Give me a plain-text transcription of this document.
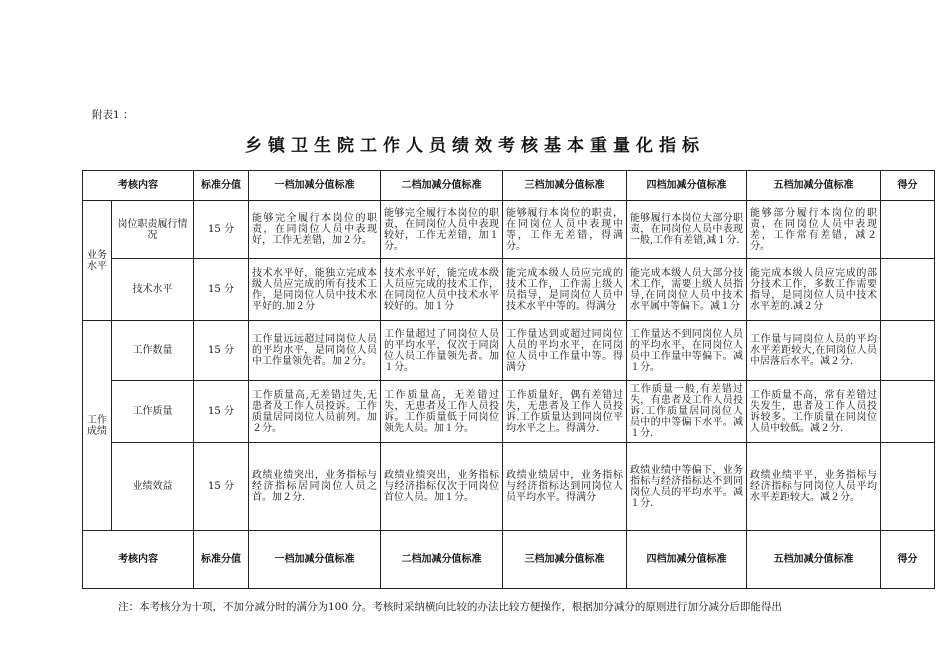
附表1 ：
乡镇卫生院工作人员绩效考核基本重量化指标
考核内容		标准分值	一档加减分值标准	二档加减分值标准	三档加减分值标准	四档加减分值标准	五档加减分值标准	得分
业务水平	岗位职责履行情况	15 分	能够完全履行本岗位的职责，在同岗位人员中表现好，工作无差错，加２分。	能够完全履行本岗位的职责，在同岗位人员中表现较好，工作无差错，加１分。	能够履行本岗位的职责，在同岗位人员中表现中等，工作无差错，得满分。	能够履行本岗位大部分职责，在同岗位人员中表现一般,工作有差错,减１分.	能够部分履行本岗位的职责，在同岗位人员中表现差，工作常有差错，减２分。	
	技术水平	15 分	技术水平好，能独立完成本级人员应完成的所有技术工作，是同岗位人员中技术水平好的.加２分	技术水平好，能完成本级人员应完成的技术工作，在同岗位人员中技术水平较好的。加１分	能完成本级人员应完成的技术工作，工作需上级人员指导，是同岗位人员中技术水平中等的。得满分	能完成本级人员大部分技术工作，需要上级人员指导,在同岗位人员中技术水平属中等偏下。减１分	能完成本级人员应完成的部分技术工作，多数工作需要指导，是同岗位人员中技术水平差的.减２分	
工作成绩	工作数量	15 分	工作量远远超过同岗位人员的平均水平，是同岗位人员中工作量领先者。加２分。	工作量超过了同岗位人员的平均水平，仅次于同岗位人员工作量领先者。加１分。	工作量达到或超过同岗位人员的平均水平，在同岗位人员中工作量中等。得满分	工作量达不到同岗位人员的平均水平，在同岗位人员中工作量中等偏下。减１分。	工作量与同岗位人员的平均水平差距较大,在同岗位人员中居落后水平。减２分.	
	工作质量	15 分	工作质量高,无差错过失,无患者及工作人员投诉。工作质量居同岗位人员前列。加２分。	工作质量高，无差错过失，无患者及工作人员投诉。工作质量低于同岗位领先人员。加１分。	工作质量好，偶有差错过失，无患者及工作人员投诉.工作质量达到同岗位平均水平之上。得满分.	工作质量一般,有差错过失，有患者及工作人员投诉.工作质量居同岗位人员中的中等偏下水平。减１分.	工作质量不高，常有差错过失发生，患者及工作人员投诉较多。工作质量在同岗位人员中较低。减２分.	
	业绩效益	15 分	政绩业绩突出，业务指标与经济指标居同岗位人员之首。加２分.	政绩业绩突出，业务指标与经济指标仅次于同岗位首位人员。加１分。	政绩业绩居中，业务指标与经济指标达到同岗位人员平均水平。得满分	政绩业绩中等偏下，业务指标与经济指标达不到同岗位人员的平均水平。减１分.	政绩业绩平平，业务指标与经济指标与同岗位人员平均水平差距较大。减２分。	
考核内容		标准分值	一档加减分值标准	二档加减分值标准	三档加减分值标准	四档加减分值标准	五档加减分值标准	得分
注：本考核分为十项，不加分减分时的满分为100 分。考核时采纳横向比较的办法比较方便操作，根据加分减分的原则进行加分减分后即能得出
